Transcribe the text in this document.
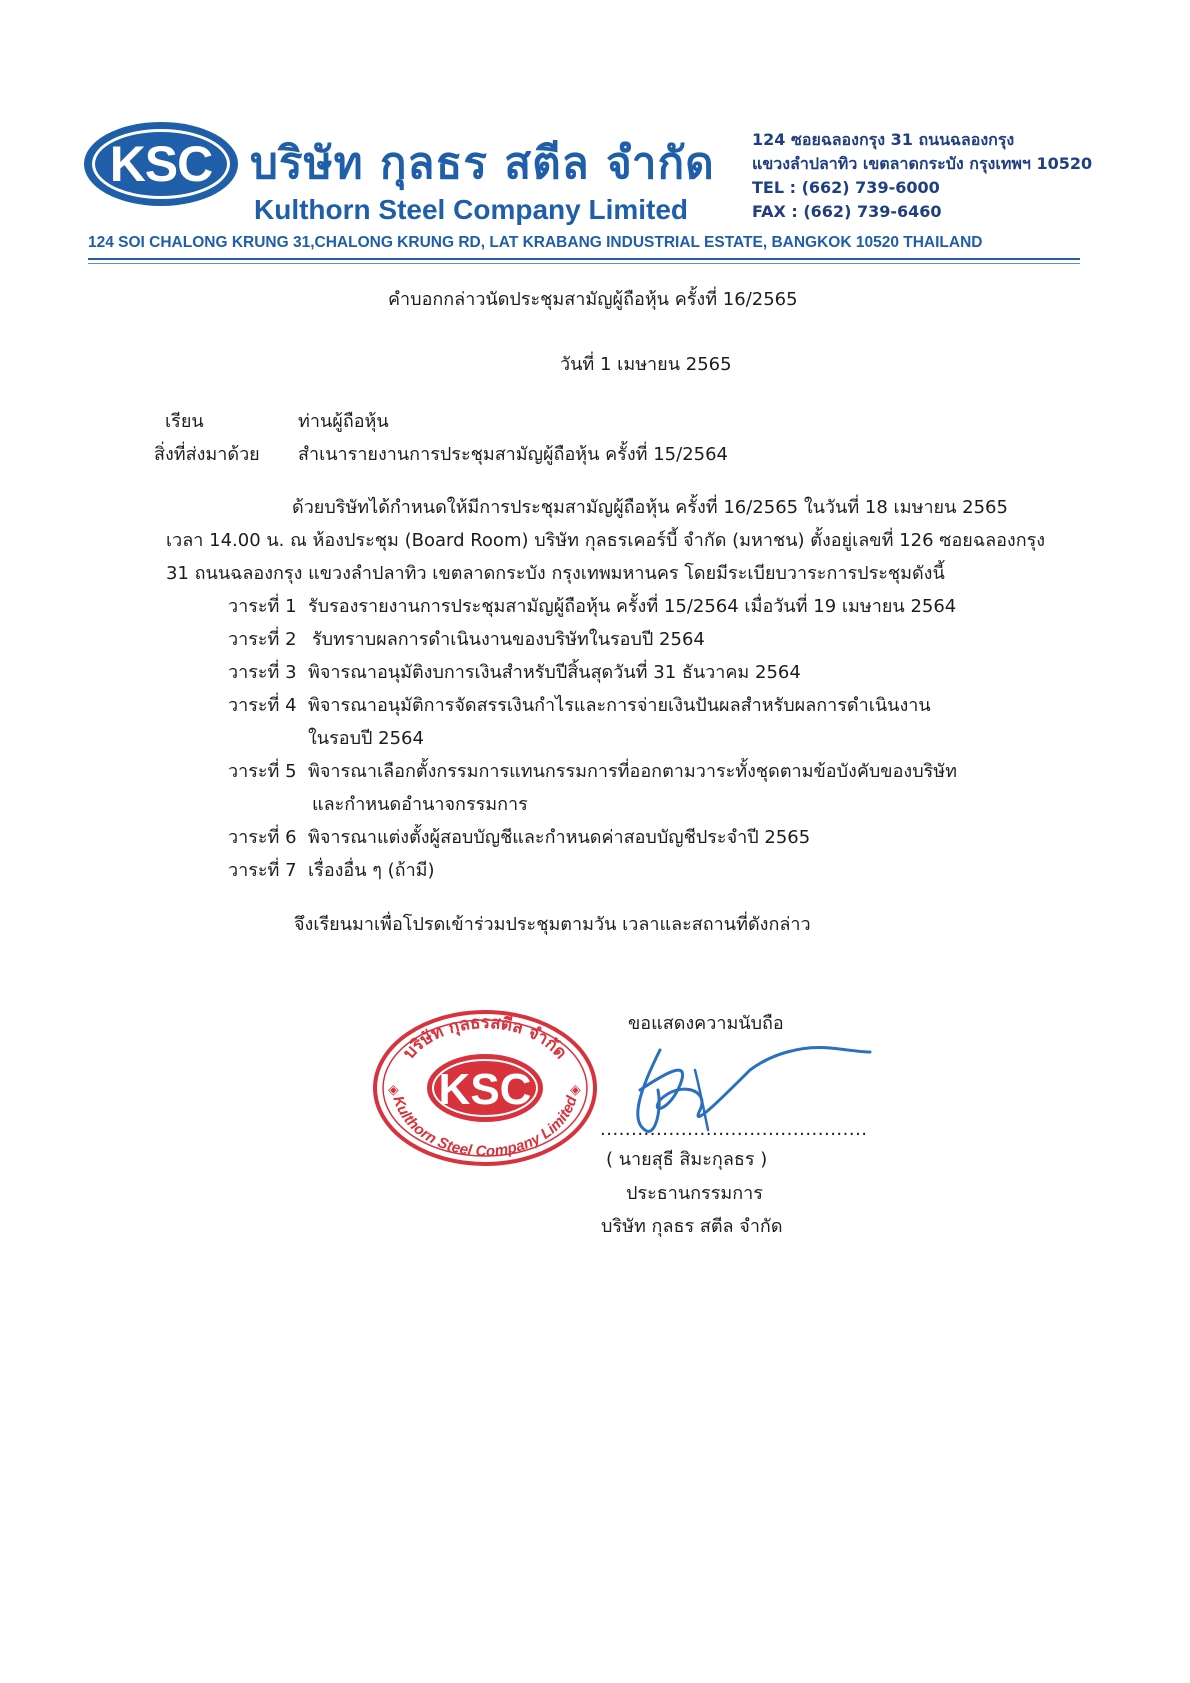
KSC บริษัท กุลธร สตีล จำกัด
Kulthorn Steel Company Limited
124 ซอยฉลองกรุง 31 ถนนฉลองกรุง
แขวงลำปลาทิว เขตลาดกระบัง กรุงเทพฯ 10520
TEL : (662) 739-6000
FAX : (662) 739-6460
124 SOI CHALONG KRUNG 31,CHALONG KRUNG RD, LAT KRABANG INDUSTRIAL ESTATE, BANGKOK 10520 THAILAND
คำบอกกล่าวนัดประชุมสามัญผู้ถือหุ้น ครั้งที่ 16/2565
วันที่ 1 เมษายน 2565
เรียน	ท่านผู้ถือหุ้น
สิ่งที่ส่งมาด้วย สำเนารายงานการประชุมสามัญผู้ถือหุ้น ครั้งที่ 15/2564
ด้วยบริษัทได้กำหนดให้มีการประชุมสามัญผู้ถือหุ้น ครั้งที่ 16/2565 ในวันที่ 18 เมษายน 2565
เวลา 14.00 น. ณ ห้องประชุม (Board Room) บริษัท กุลธรเคอร์บี้ จำกัด (มหาชน) ตั้งอยู่เลขที่ 126 ซอยฉลองกรุง
31 ถนนฉลองกรุง แขวงลำปลาทิว เขตลาดกระบัง กรุงเทพมหานคร โดยมีระเบียบวาระการประชุมดังนี้
วาระที่ 1 รับรองรายงานการประชุมสามัญผู้ถือหุ้น ครั้งที่ 15/2564 เมื่อวันที่ 19 เมษายน 2564
วาระที่ 2 รับทราบผลการดำเนินงานของบริษัทในรอบปี 2564
วาระที่ 3 พิจารณาอนุมัติงบการเงินสำหรับปีสิ้นสุดวันที่ 31 ธันวาคม 2564
วาระที่ 4 พิจารณาอนุมัติการจัดสรรเงินกำไรและการจ่ายเงินปันผลสำหรับผลการดำเนินงาน
ในรอบปี 2564
วาระที่ 5 พิจารณาเลือกตั้งกรรมการแทนกรรมการที่ออกตามวาระทั้งชุดตามข้อบังคับของบริษัท
และกำหนดอำนาจกรรมการ
วาระที่ 6 พิจารณาแต่งตั้งผู้สอบบัญชีและกำหนดค่าสอบบัญชีประจำปี 2565
วาระที่ 7 เรื่องอื่น ๆ (ถ้ามี)
จึงเรียนมาเพื่อโปรดเข้าร่วมประชุมตามวัน เวลาและสถานที่ดังกล่าว
ขอแสดงความนับถือ
บริษัท กุลธรสตีล จำกัด
Kulthorn Steel Company Limited
KSC
◈	◈
...........................................
( นายสุธี สิมะกุลธร )
ประธานกรรมการ
บริษัท กุลธร สตีล จำกัด
